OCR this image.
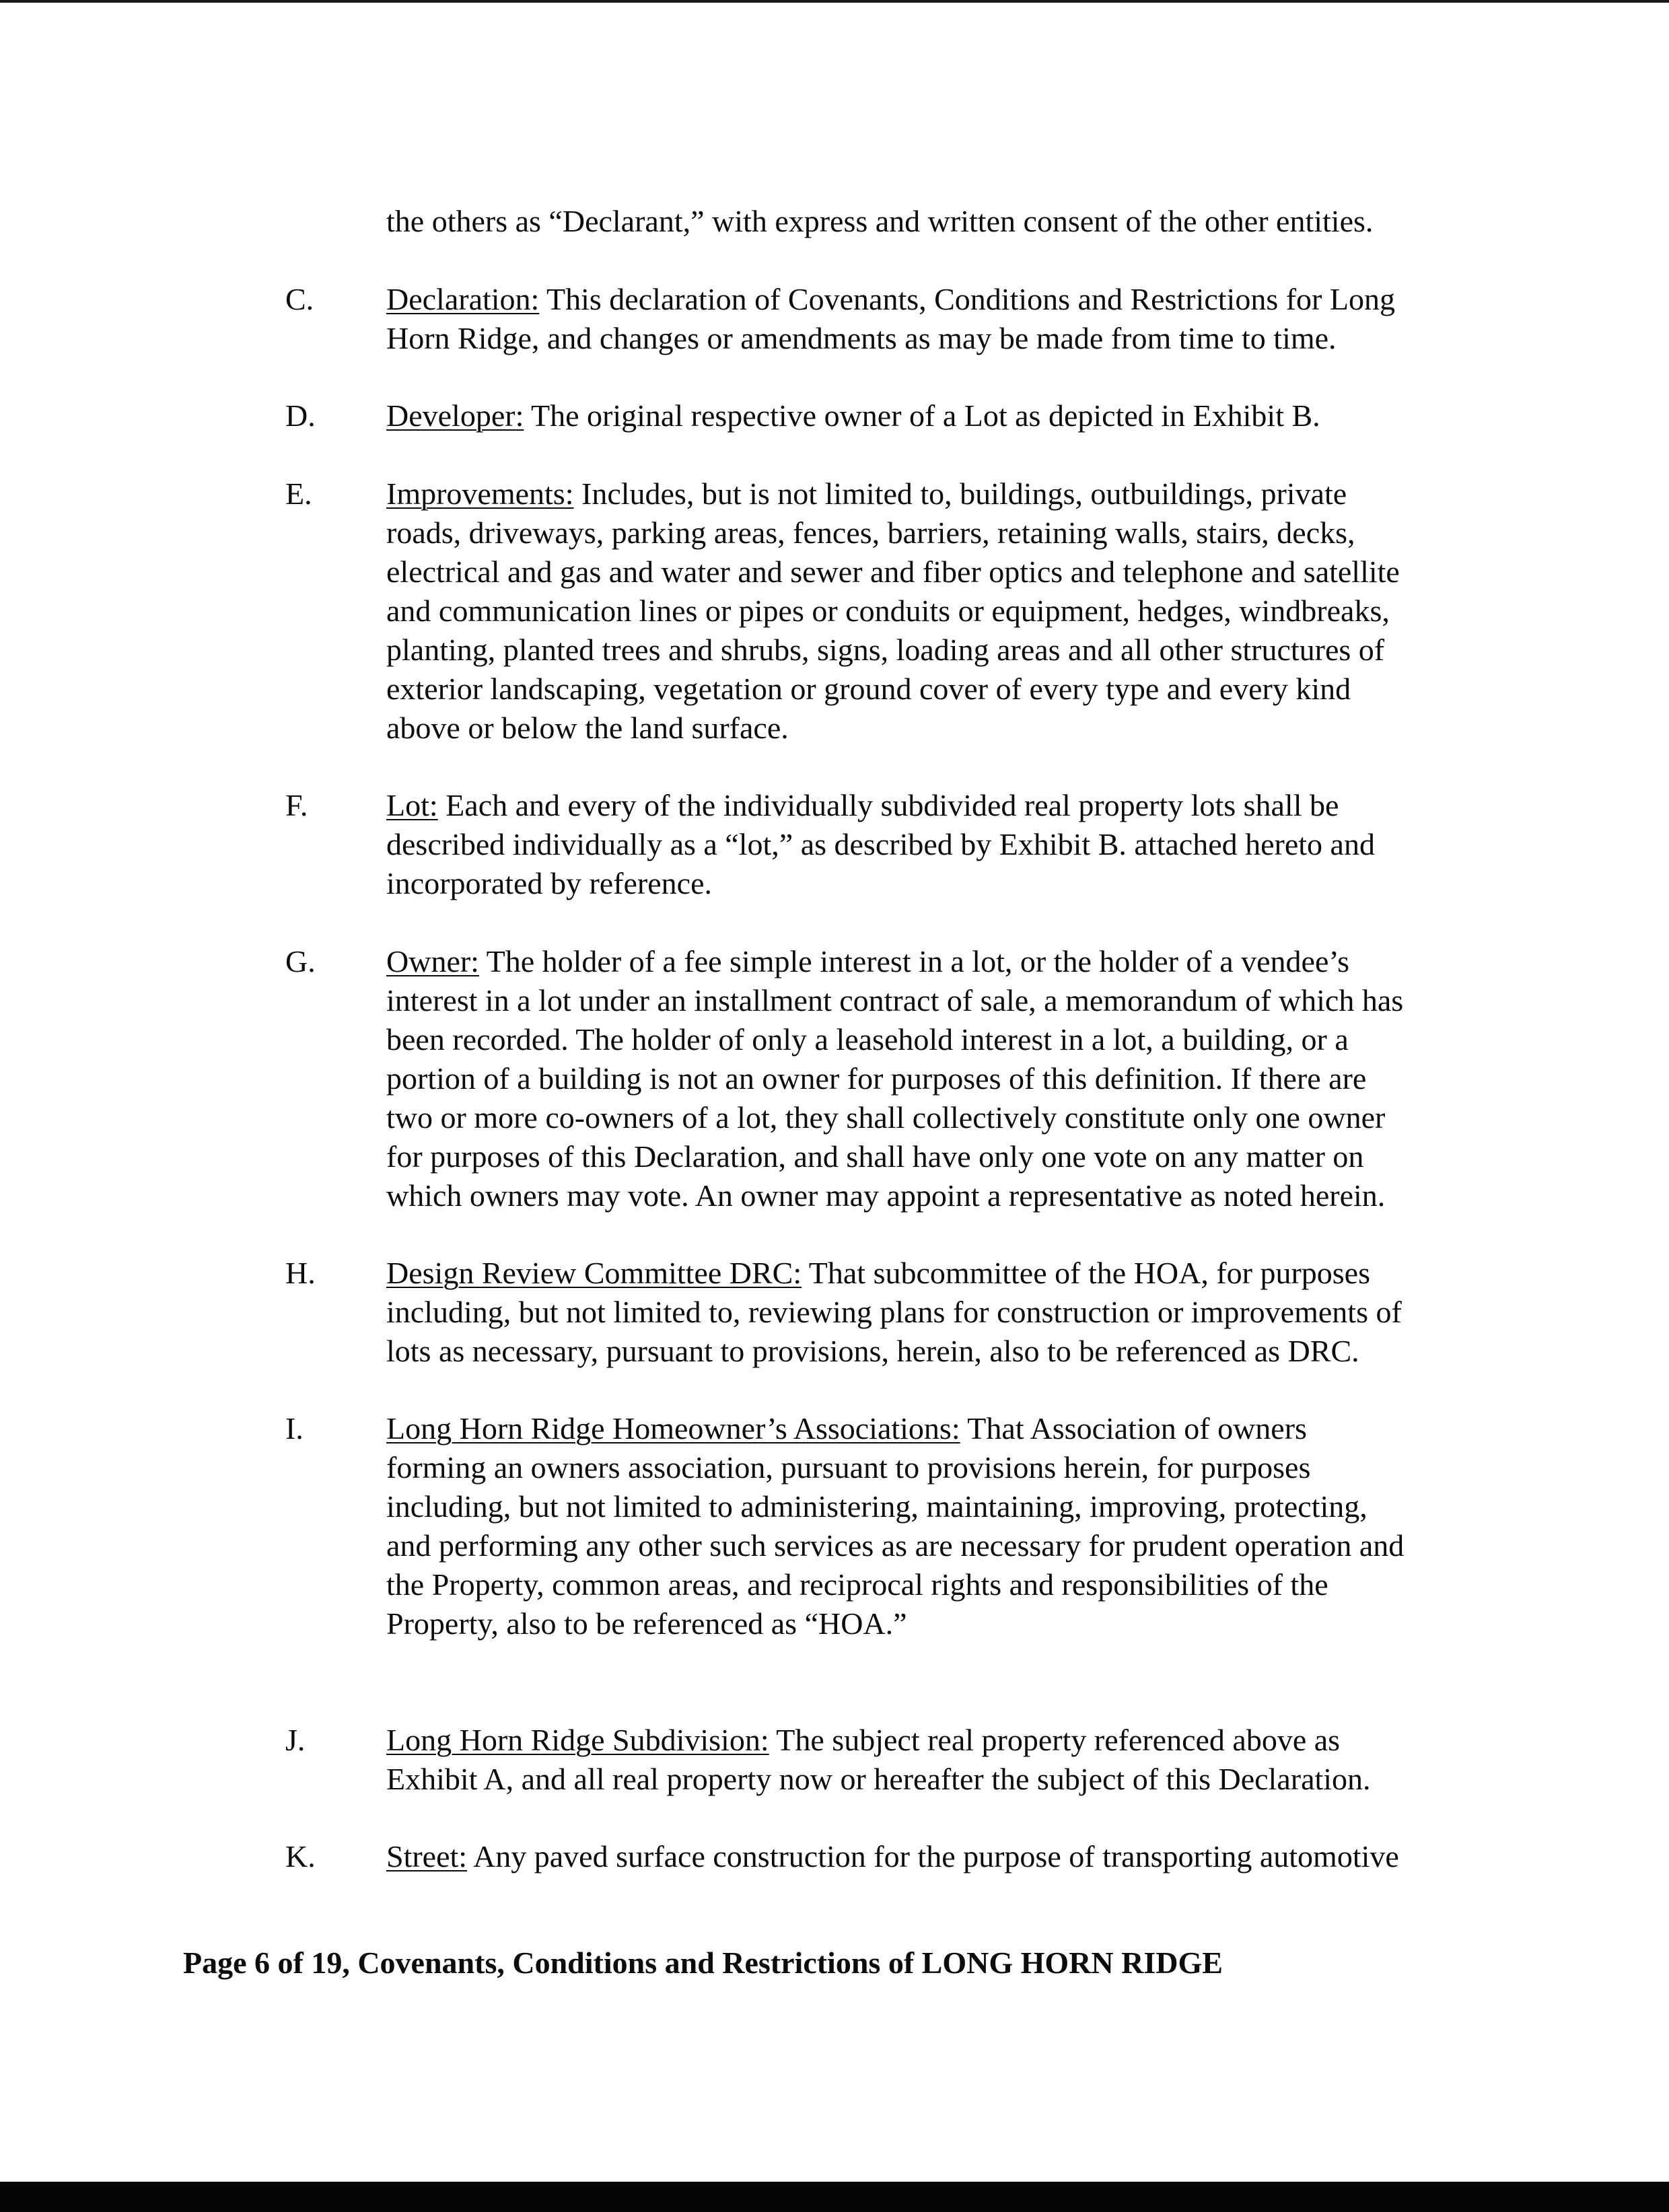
the others as “Declarant,” with express and written consent of the other entities.
C. Declaration: This declaration of Covenants, Conditions and Restrictions for Long
Horn Ridge, and changes or amendments as may be made from time to time.
D. Developer: The original respective owner of a Lot as depicted in Exhibit B.
E. Improvements: Includes, but is not limited to, buildings, outbuildings, private
roads, driveways, parking areas, fences, barriers, retaining walls, stairs, decks,
electrical and gas and water and sewer and fiber optics and telephone and satellite
and communication lines or pipes or conduits or equipment, hedges, windbreaks,
planting, planted trees and shrubs, signs, loading areas and all other structures of
exterior landscaping, vegetation or ground cover of every type and every kind
above or below the land surface.
F.	Lot: Each and every of the individually subdivided real property lots shall be
described individually as a “lot,” as described by Exhibit B. attached hereto and
incorporated by reference.
G. Owner: The holder of a fee simple interest in a lot, or the holder of a vendee’s
interest in a lot under an installment contract of sale, a memorandum of which has
been recorded. The holder of only a leasehold interest in a lot, a building, or a
portion of a building is not an owner for purposes of this definition. If there are
two or more co-owners of a lot, they shall collectively constitute only one owner
for purposes of this Declaration, and shall have only one vote on any matter on
which owners may vote. An owner may appoint a representative as noted herein.
H. Design Review Committee DRC: That subcommittee of the HOA, for purposes
including, but not limited to, reviewing plans for construction or improvements of
lots as necessary, pursuant to provisions, herein, also to be referenced as DRC.
I.	Long Horn Ridge Homeowner’s Associations: That Association of owners
forming an owners association, pursuant to provisions herein, for purposes
including, but not limited to administering, maintaining, improving, protecting,
and performing any other such services as are necessary for prudent operation and
the Property, common areas, and reciprocal rights and responsibilities of the
Property, also to be referenced as “HOA.”
J.	Long Horn Ridge Subdivision: The subject real property referenced above as
Exhibit A, and all real property now or hereafter the subject of this Declaration.
K. Street: Any paved surface construction for the purpose of transporting automotive
Page 6 of 19, Covenants, Conditions and Restrictions of LONG HORN RIDGE
